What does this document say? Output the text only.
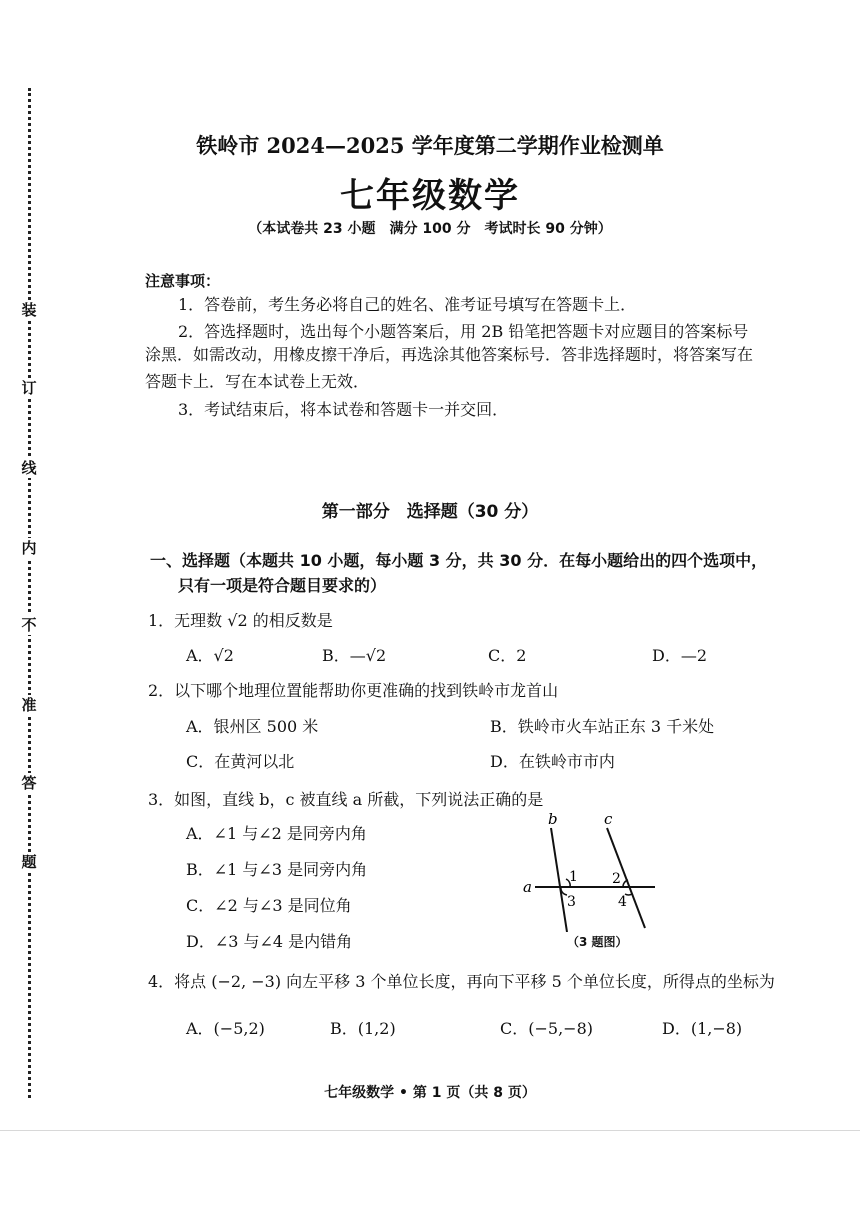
装
订
线
内
不
准
答
题
铁岭市 2024—2025 学年度第二学期作业检测单
七年级数学
（本试卷共 23 小题　满分 100 分　考试时长 90 分钟）
注意事项：
1．答卷前，考生务必将自己的姓名、准考证号填写在答题卡上．
2．答选择题时，选出每个小题答案后，用 2B 铅笔把答题卡对应题目的答案标号
涂黑．如需改动，用橡皮擦干净后，再选涂其他答案标号．答非选择题时，将答案写在
答题卡上．写在本试卷上无效．
3．考试结束后，将本试卷和答题卡一并交回．
第一部分　选择题（30 分）
一、选择题（本题共 10 小题，每小题 3 分，共 30 分．在每小题给出的四个选项中，
只有一项是符合题目要求的）
1．无理数 √2 的相反数是
A．√2	B．—√2	C．2	D．—2
2．以下哪个地理位置能帮助你更准确的找到铁岭市龙首山
A．银州区 500 米	B．铁岭市火车站正东 3 千米处
C．在黄河以北	D．在铁岭市市内
3．如图，直线 b，c 被直线 a 所截，下列说法正确的是
A．∠1 与∠2 是同旁内角
B．∠1 与∠3 是同旁内角
C．∠2 与∠3 是同位角
D．∠3 与∠4 是内错角
a
b	c
1 2
3	4
（3 题图）
4．将点 (−2, −3) 向左平移 3 个单位长度，再向下平移 5 个单位长度，所得点的坐标为
A．(−5,2)	B．(1,2)	C．(−5,−8)	D．(1,−8)
七年级数学 • 第 1 页（共 8 页）
